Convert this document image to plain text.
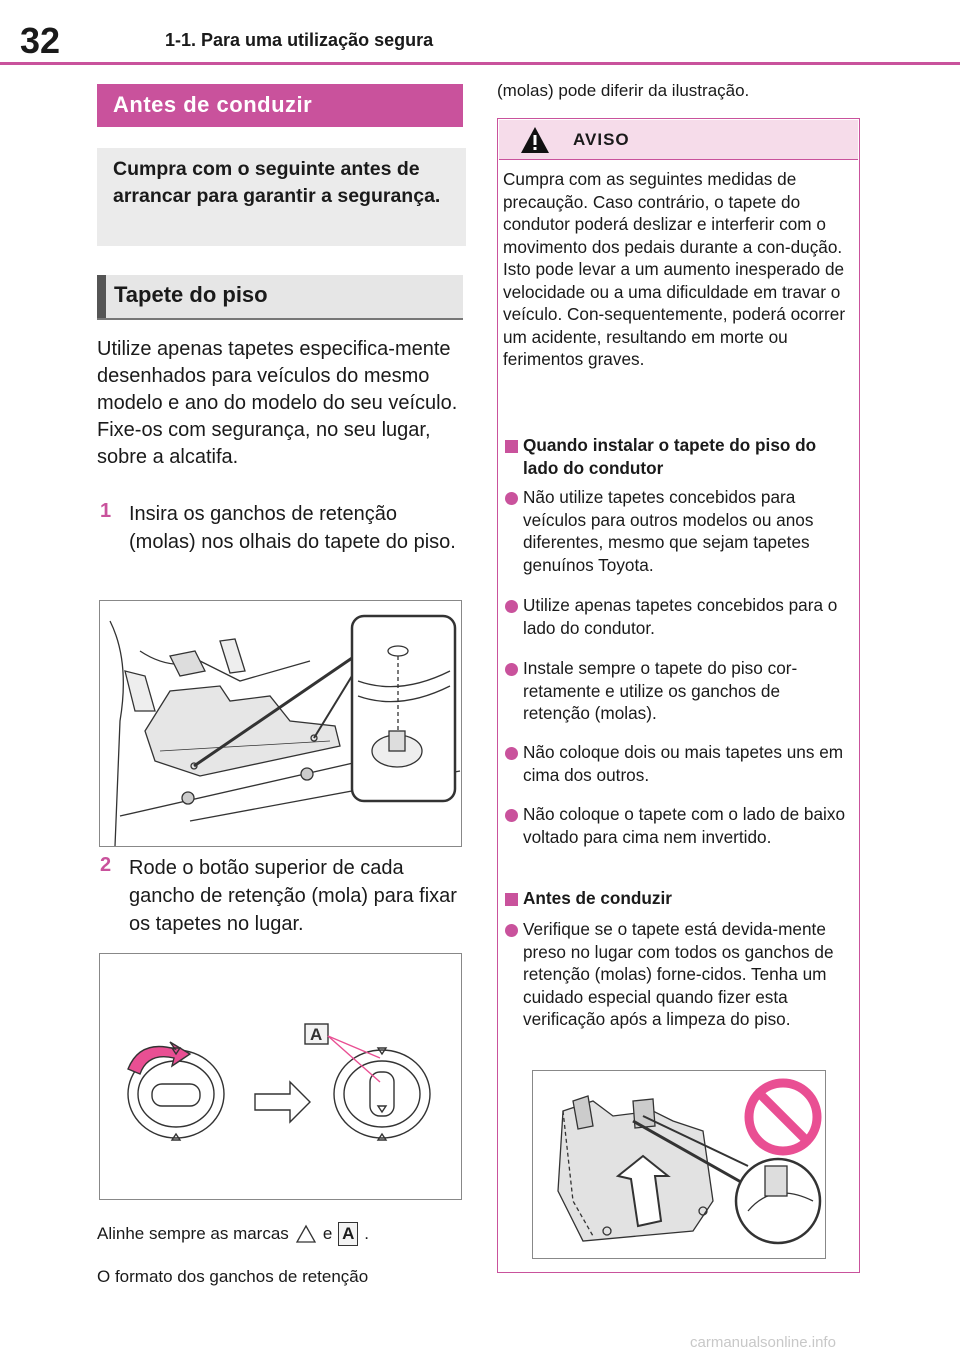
32	1-1. Para uma utilização segura
Antes de conduzir
Cumpra com o seguinte antes de arrancar para garantir a segurança.
Tapete do piso
Utilize apenas tapetes especifica-mente desenhados para veículos do mesmo modelo e ano do modelo do seu veículo. Fixe-os com segurança, no seu lugar, sobre a alcatifa.
1 Insira os ganchos de retenção (molas) nos olhais do tapete do piso.
2 Rode o botão superior de cada gancho de retenção (mola) para fixar os tapetes no lugar.
A
Alinhe sempre as marcas e A .
O formato dos ganchos de retenção
(molas) pode diferir da ilustração.
AVISO
Cumpra com as seguintes medidas de precaução. Caso contrário, o tapete do condutor poderá deslizar e interferir com o movimento dos pedais durante a con-dução. Isto pode levar a um aumento inesperado de velocidade ou a uma dificuldade em travar o veículo. Con-sequentemente, poderá ocorrer um acidente, resultando em morte ou ferimentos graves.
Quando instalar o tapete do piso do lado do condutor
Não utilize tapetes concebidos para veículos para outros modelos ou anos diferentes, mesmo que sejam tapetes genuínos Toyota.
Utilize apenas tapetes concebidos para o lado do condutor.
Instale sempre o tapete do piso cor-retamente e utilize os ganchos de retenção (molas).
Não coloque dois ou mais tapetes uns em cima dos outros.
Não coloque o tapete com o lado de baixo voltado para cima nem invertido.
Antes de conduzir
Verifique se o tapete está devida-mente preso no lugar com todos os ganchos de retenção (molas) forne-cidos. Tenha um cuidado especial quando fizer esta verificação após a limpeza do piso.
carmanualsonline.info
